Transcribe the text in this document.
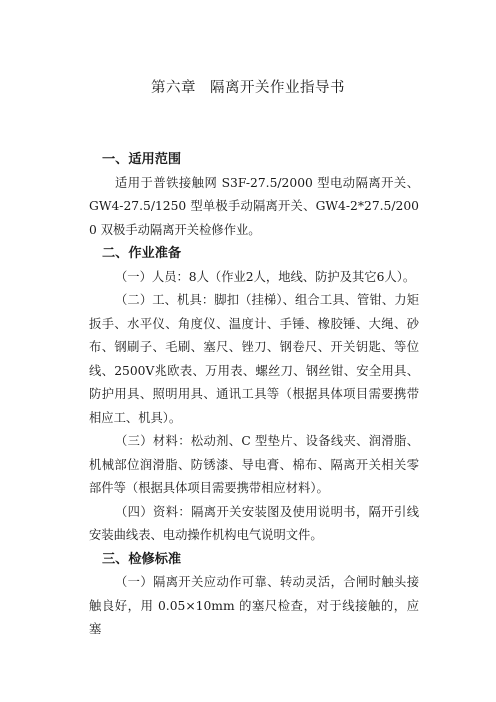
第六章 隔离开关作业指导书
一、适用范围
适用于普铁接触网 S3F-27.5/2000 型电动隔离开关、GW4-27.5/1250 型单极手动隔离开关、GW4-2*27.5/2000 双极手动隔离开关检修作业。
二、作业准备
（一）人员：8人（作业2人，地线、防护及其它6人）。
（二）工、机具：脚扣（挂梯）、组合工具、管钳、力矩扳手、水平仪、角度仪、温度计、手锤、橡胶锤、大绳、砂布、钢刷子、毛刷、塞尺、锉刀、钢卷尺、开关钥匙、等位线、2500V兆欧表、万用表、螺丝刀、钢丝钳、安全用具、防护用具、照明用具、通讯工具等（根据具体项目需要携带相应工、机具）。
（三）材料：松动剂、C 型垫片、设备线夹、润滑脂、机械部位润滑脂、防锈漆、导电膏、棉布、隔离开关相关零部件等（根据具体项目需要携带相应材料）。
（四）资料：隔离开关安装图及使用说明书，隔开引线安装曲线表、电动操作机构电气说明文件。
三、检修标准
（一）隔离开关应动作可靠、转动灵活，合闸时触头接触良好，用 0.05×10mm 的塞尺检查，对于线接触的，应塞
